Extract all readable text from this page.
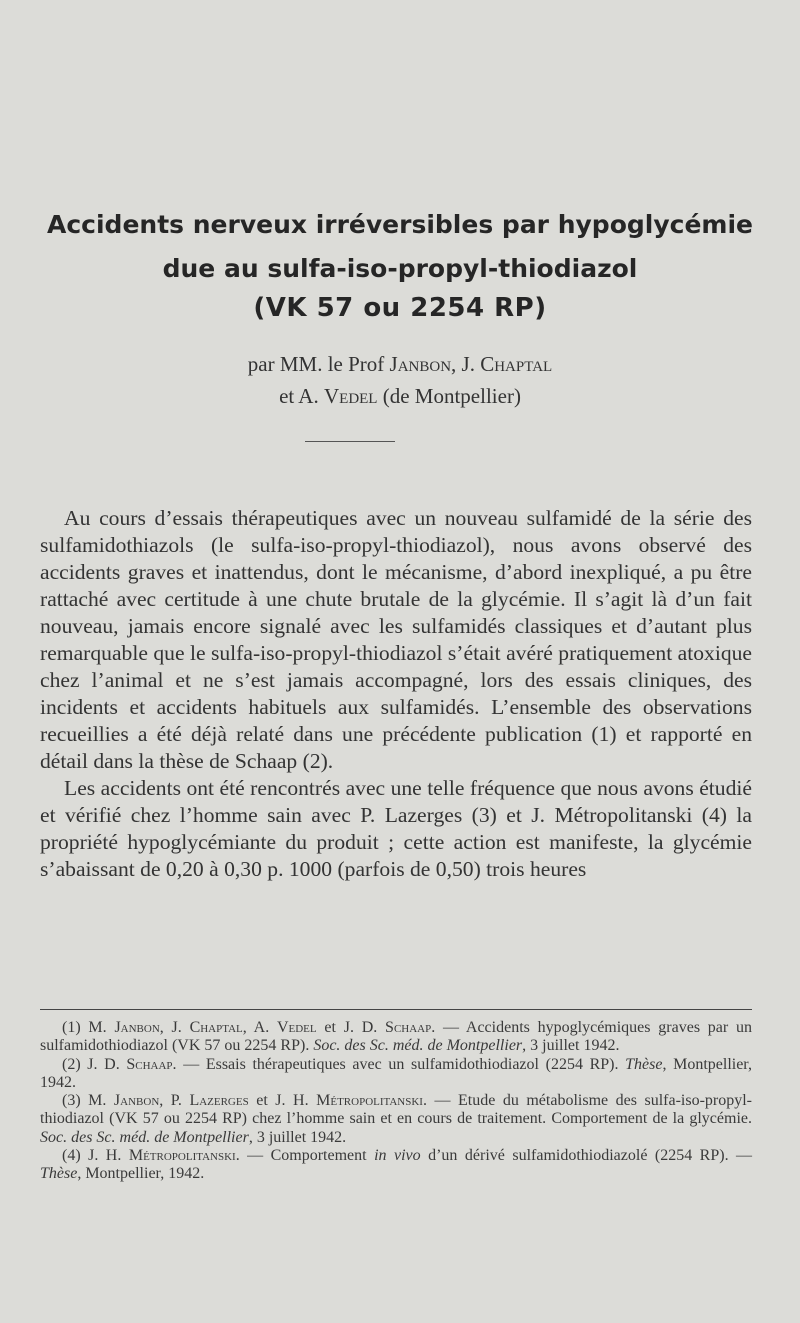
Accidents nerveux irréversibles par hypoglycémie
due au sulfa-iso-propyl-thiodiazol
(VK 57 ou 2254 RP)
par MM. le Prof Janbon, J. Chaptal
et A. Vedel (de Montpellier)

Au cours d’essais thérapeutiques avec un nouveau sulfamidé de la série des sulfamidothiazols (le sulfa-iso-propyl-thiodiazol), nous avons observé des accidents graves et inattendus, dont le mécanisme, d’abord inexpliqué, a pu être rattaché avec certitude à une chute brutale de la glycémie. Il s’agit là d’un fait nouveau, jamais encore signalé avec les sulfamidés classiques et d’autant plus remarquable que le sulfa-iso-propyl-thiodiazol s’était avéré pratiquement atoxique chez l’animal et ne s’est jamais accompagné, lors des essais cliniques, des incidents et accidents habituels aux sulfamidés. L’ensemble des observations recueillies a été déjà relaté dans une précédente publication (1) et rapporté en détail dans la thèse de Schaap (2).

Les accidents ont été rencontrés avec une telle fréquence que nous avons étudié et vérifié chez l’homme sain avec P. Lazerges (3) et J. Métropolitanski (4) la propriété hypoglycémiante du produit ; cette action est manifeste, la glycémie s’abaissant de 0,20 à 0,30 p. 1000 (parfois de 0,50) trois heures

(1) M. Janbon, J. Chaptal, A. Vedel et J. D. Schaap. — Accidents hypoglycémiques graves par un sulfamidothiodiazol (VK 57 ou 2254 RP). Soc. des Sc. méd. de Montpellier, 3 juillet 1942.

(2) J. D. Schaap. — Essais thérapeutiques avec un sulfamidothiodiazol (2254 RP). Thèse, Montpellier, 1942.

(3) M. Janbon, P. Lazerges et J. H. Métropolitanski. — Etude du métabolisme des sulfa-iso-propyl-thiodiazol (VK 57 ou 2254 RP) chez l’homme sain et en cours de traitement. Comportement de la glycémie. Soc. des Sc. méd. de Montpellier, 3 juillet 1942.

(4) J. H. Métropolitanski. — Comportement in vivo d’un dérivé sulfamidothiodiazolé (2254 RP). — Thèse, Montpellier, 1942.
